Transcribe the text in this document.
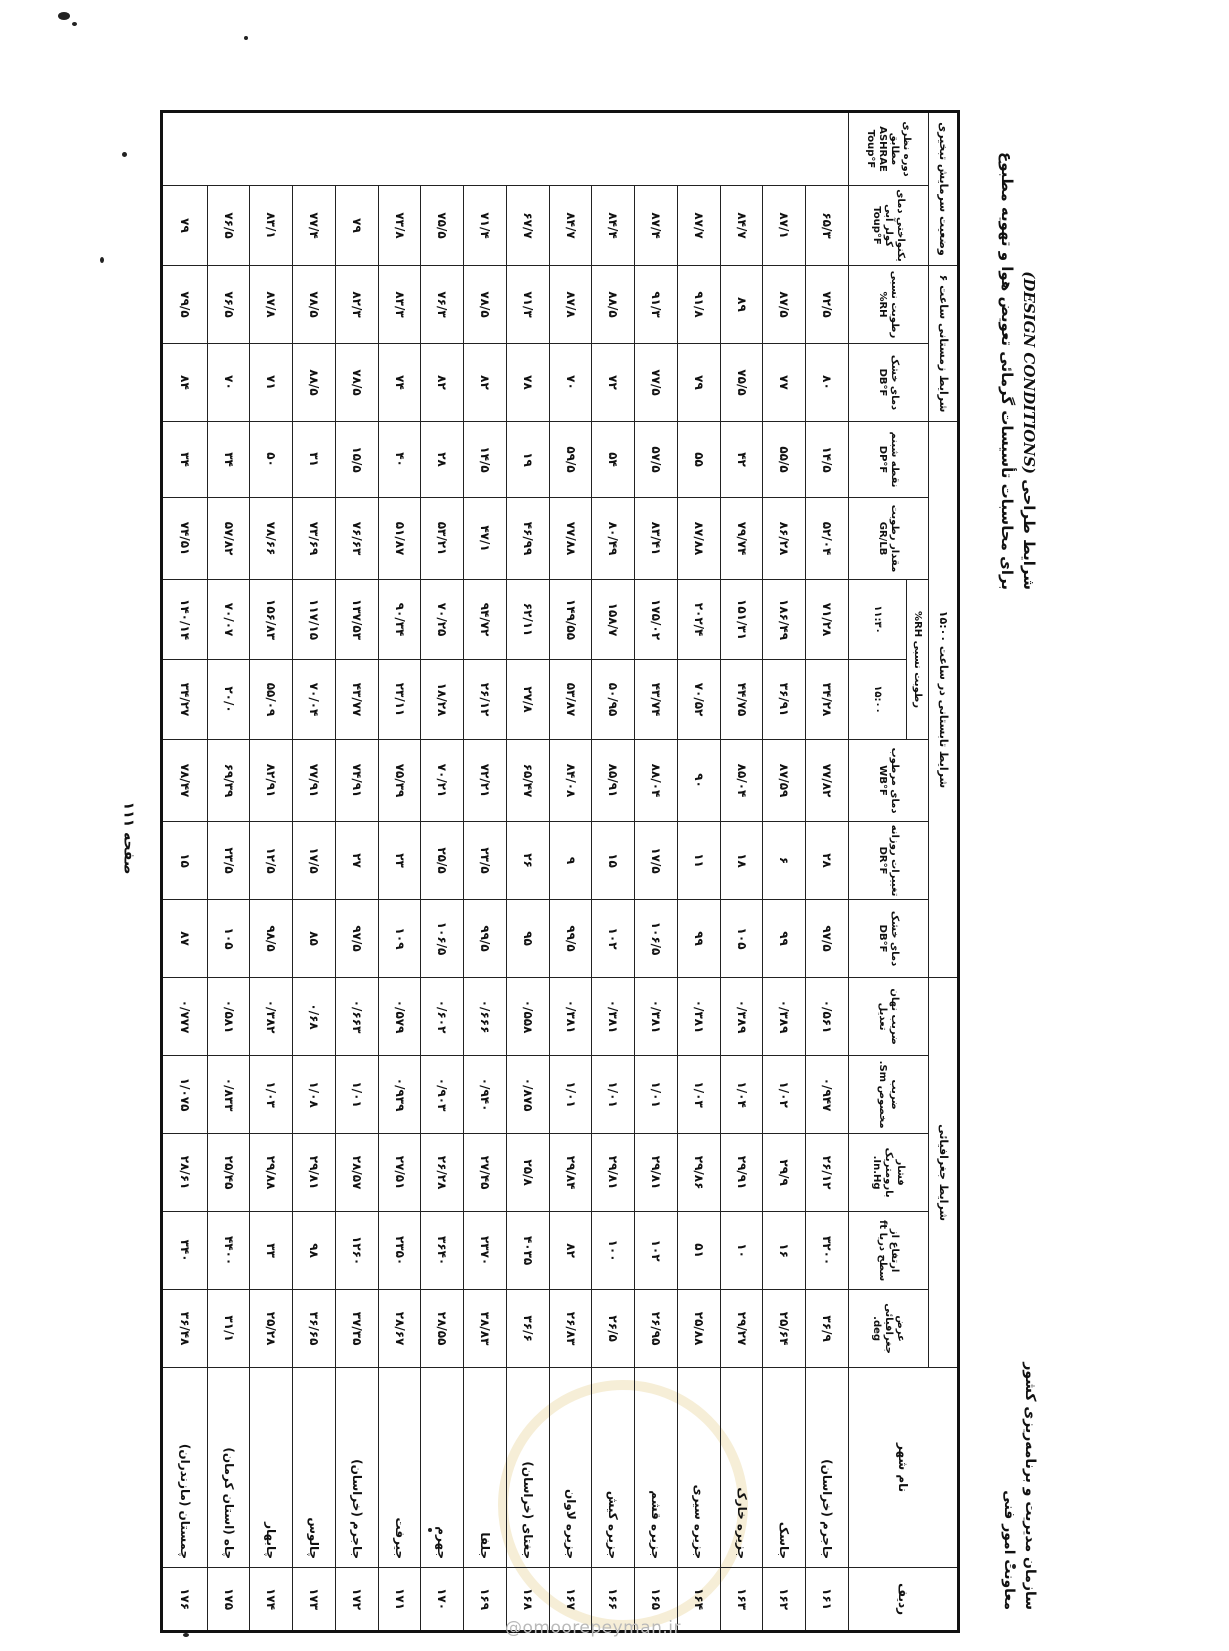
سازمان مدیریت و برنامه‌ریزی کشور
معاونت امور فنی
شرایط طراحی (DESIGN CONDITIONS)
برای محاسبات تأسیسات گرمائی تعویض هوا و تهویه مطبوع
ردیف	نام شهر	شرایط جغرافیائی					شرایط تابستانی در ساعت ۱۵:۰۰							شرایط زمستانی ساعت ۶		وضعیت سرمایش تبخیری	
		عرض جغرافیائی deg.	ارتفاع از سطح دریا ft	فشار بارومتریک In.Hg.	ضریب مخصوص Sm.	ضریب نهان تعدیل	دمای خشک DB°F	تغییرات روزانه DR°F	دمای مرطوب WB°F	رطوبت نسبی RH%		مقدار رطوبت GR/LB	نقطه شبنم DP°F	دمای خشک DB°F	رطوبت نسبی RH%	یکنواختی دمای کولر آبی Toup°F	دوره نظری مطابق ASHRAE Toup°F
										۱۵:۰۰	۱۱:۳۰						
۱۶۱	جاجرم (خراسان)	۳۶/۹	۳۲۰۰	۲۶/۱۲	۰/۹۴۷	۰/۵۶۱	۹۷/۵	۲۸	۷۷/۸۲	۳۴/۲۸	۷۱/۲۸	۵۲/۰۴	۱۴/۵	۸۰	۷۲/۵	۶۵/۳	
۱۶۲	جاسک	۲۵/۶۴	۱۶	۲۹/۹	۱/۰۲	۰/۳۸۹	۹۹	۶	۸۷/۵۹	۳۶/۹۱	۱۸۶/۴۹	۸۶/۲۸	۵۵/۵	۷۷	۸۷/۵	۸۷/۱	
۱۶۳	جزیره خارک	۲۹/۲۷	۱۰	۲۹/۹۱	۱/۰۴	۰/۳۸۹	۱۰۵	۱۸	۸۵/۰۴	۴۴/۷۵	۱۵۱/۳۱	۷۹/۷۴	۴۲	۷۵/۵	۸۹	۸۴/۷	
۱۶۴	جزیره سیری	۲۵/۸۸	۵۱	۲۹/۸۶	۱/۰۳	۰/۳۸۱	۹۹	۱۱	۹۰	۷۰/۵۲	۲۰۲/۴	۸۷/۸۸	۵۵	۷۹	۹۱/۸	۸۷/۷	
۱۶۵	جزیره قشم	۲۶/۹۵	۱۰۲	۲۹/۸۱	۱/۰۱	۰/۳۸۱	۱۰۶/۵	۱۷/۵	۸۸/۰۴	۴۳/۷۴	۱۷۵/۰۲	۸۳/۴۱	۵۷/۵	۷۷/۵	۹۱/۳	۸۷/۴	
۱۶۶	جزیره کیش	۲۶/۵	۱۰۰	۲۹/۸۱	۱/۰۱	۰/۳۸۱	۱۰۲	۱۵	۸۵/۹۱	۵۰/۹۵	۱۵۸/۷	۸۰/۴۹	۵۴	۷۲	۸۸/۵	۸۴/۴	
۱۶۷	جزیره لاوان	۲۶/۸۳	۸۲	۲۹/۸۴	۱/۰۱	۰/۳۸۱	۹۹/۵	۹	۸۴/۰۸	۵۳/۸۷	۱۴۹/۵۵	۷۷/۸۸	۵۹/۵	۷۰	۸۷/۸	۸۴/۷	
۱۶۸	جغتای (خراسان)	۳۶/۶	۴۰۳۵	۲۵/۸	۰/۸۷۵	۰/۵۵۸	۹۵	۲۶	۶۵/۴۷	۲۷/۸	۶۲/۱۱	۴۶/۹۹	۱۹	۷۸	۷۱/۳	۶۷/۷	
۱۶۹	جلفا	۳۸/۸۳	۲۳۷۰	۲۷/۴۵	۰/۹۴۰	۰/۶۶۶	۹۹/۵	۲۳/۵	۷۲/۲۱	۲۶/۱۲	۹۴/۷۲	۴۷/۱	۱۴/۵	۸۲	۷۸/۵	۷۱/۴	
۱۷۰	جهرم	۲۸/۵۵	۳۶۴۰	۲۶/۲۸	۰/۹۰۳	۰/۶۰۲	۱۰۶/۵	۲۵/۵	۷۰/۲۱	۱۸/۲۸	۷۰/۲۵	۵۳/۲۱	۲۸	۸۲	۷۶/۳	۷۵/۵	
۱۷۱	جیرفت	۲۸/۶۷	۲۳۵۰	۲۷/۵۱	۰/۹۳۹	۰/۵۷۹	۱۰۹	۲۳	۷۵/۳۹	۲۳/۱۱	۹۰/۳۴	۵۱/۸۷	۴۰	۷۴	۸۳/۳	۷۳/۸	
۱۷۲	جاجرم (خراسان)	۳۷/۳۵	۱۲۶۰	۲۸/۵۷	۱/۰۱	۰/۶۶۳	۹۷/۵	۲۷	۷۴/۹۱	۴۳/۷۷	۱۳۷/۵۳	۷۶/۶۳	۱۵/۵	۷۸/۵	۸۲/۳	۷۹	
۱۷۳	چالوس	۳۶/۶۵	۹۸	۲۹/۸۱	۱/۰۸	۰/۶۸	۸۵	۱۷/۵	۷۷/۹۱	۷۰/۰۴	۱۱۷/۱۵	۷۳/۶۹	۳۱	۸۸/۵	۷۸/۵	۷۷/۴	
۱۷۴	چابهار	۲۵/۲۸	۳۳	۲۹/۸۸	۱/۰۳	۰/۳۸۲	۹۸/۵	۱۲/۵	۸۲/۹۱	۵۵/۰۹	۱۵۶/۸۳	۷۸/۶۶	۵۰	۷۱	۸۷/۸	۸۳/۱	
۱۷۵	چاه (استان کرمان)	۳۱/۱	۴۴۰۰	۲۵/۴۵	۰/۸۳۳	۰/۵۸۱	۱۰۵	۲۳/۵	۶۹/۳۹	۲۰/۰	۷۰/۰۷	۵۷/۸۲	۳۴	۷۰	۷۶/۵	۷۶/۵	
۱۷۶	چمستان (مازندران)	۳۶/۴۸	۳۴۰	۲۸/۶۱	۱/۰۷۵	۰/۷۷۷	۸۷	۱۵	۷۸/۴۷	۳۴/۲۷	۱۴۰/۱۴	۷۴/۵۱	۳۴	۸۴	۷۹/۵	۷۹	
صفحه ۱۱۱
@omoorepeyman.ir
